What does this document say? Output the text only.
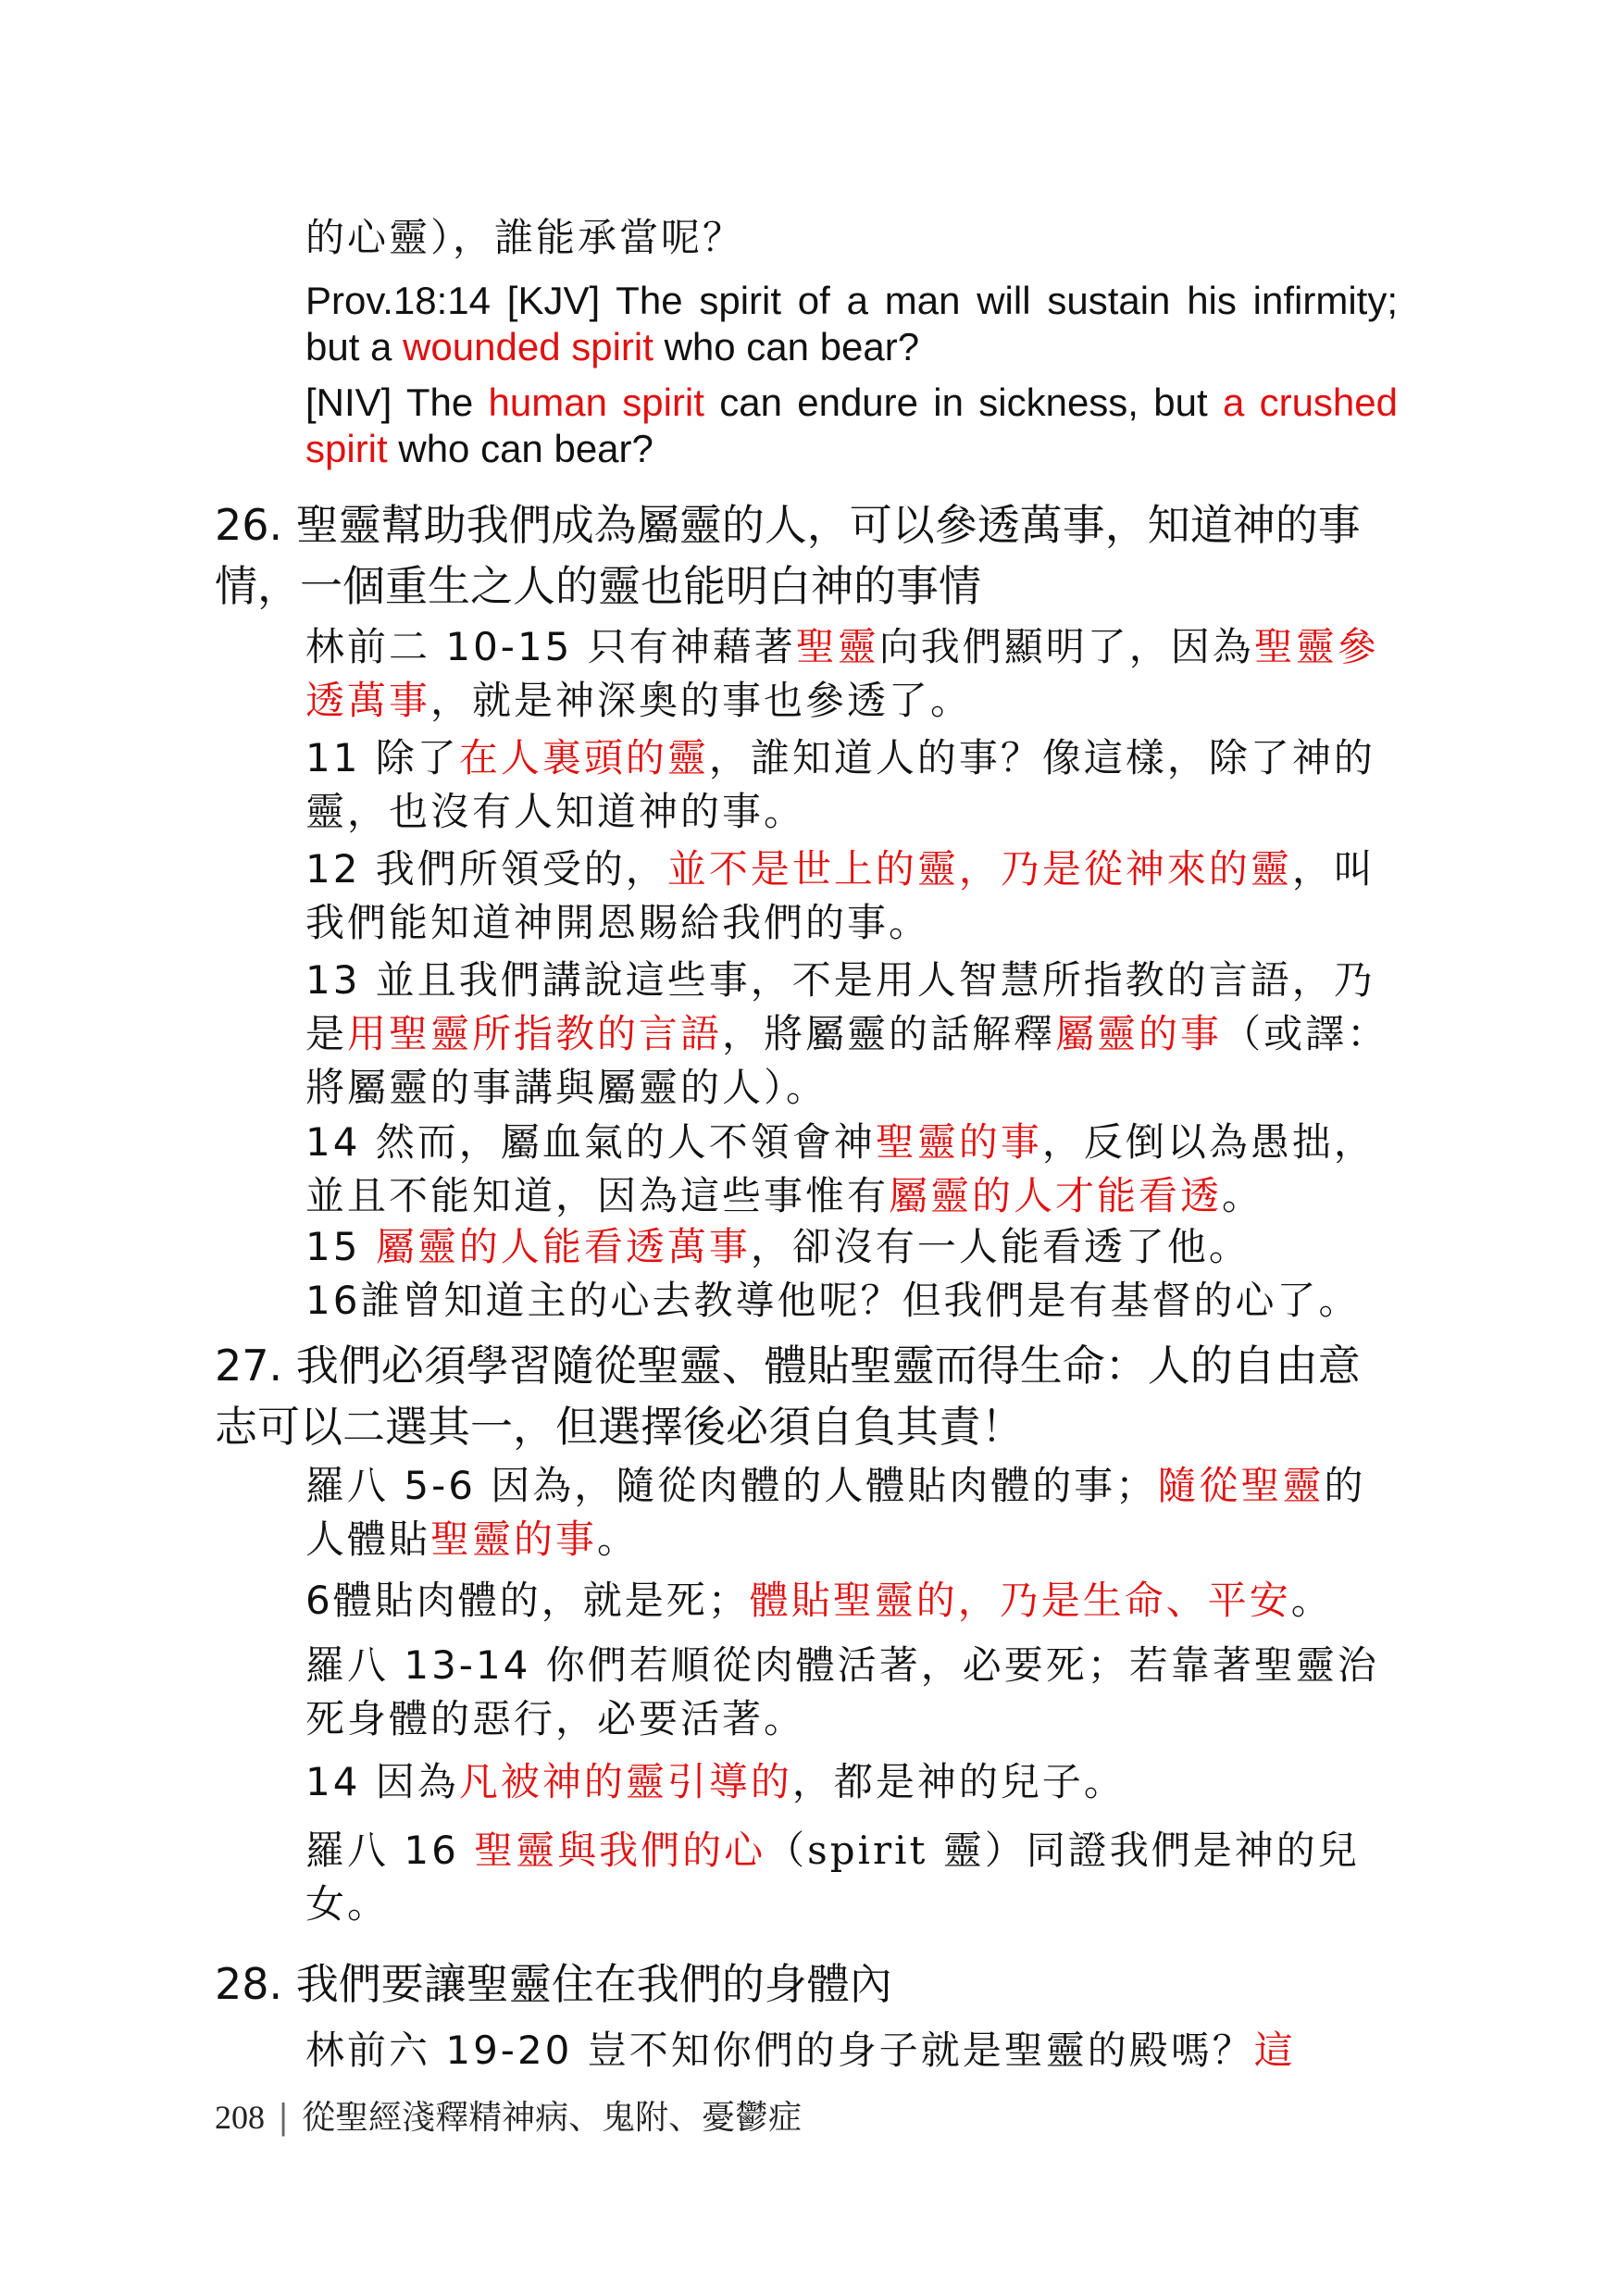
的心靈），誰能承當呢？
Prov.18:14 [KJV] The spirit of a man will sustain his infirmity; but a wounded spirit who can bear?
[NIV] The human spirit can endure in sickness, but a crushed spirit who can bear?
26. 聖靈幫助我們成為屬靈的人，可以參透萬事，知道神的事情，一個重生之人的靈也能明白神的事情
林前二 10-15 只有神藉著聖靈向我們顯明了，因為聖靈參透萬事，就是神深奧的事也參透了。
11 除了在人裏頭的靈，誰知道人的事？像這樣，除了神的靈，也沒有人知道神的事。
12 我們所領受的，並不是世上的靈，乃是從神來的靈，叫我們能知道神開恩賜給我們的事。
13 並且我們講說這些事，不是用人智慧所指教的言語，乃是用聖靈所指教的言語，將屬靈的話解釋屬靈的事（或譯：將屬靈的事講與屬靈的人）。
14 然而，屬血氣的人不領會神聖靈的事，反倒以為愚拙，並且不能知道，因為這些事惟有屬靈的人才能看透。
15 屬靈的人能看透萬事，卻沒有一人能看透了他。
16誰曾知道主的心去教導他呢？但我們是有基督的心了。
27. 我們必須學習隨從聖靈、體貼聖靈而得生命：人的自由意志可以二選其一，但選擇後必須自負其責！
羅八 5-6 因為，隨從肉體的人體貼肉體的事；隨從聖靈的人體貼聖靈的事。
6體貼肉體的，就是死；體貼聖靈的，乃是生命、平安。
羅八 13-14 你們若順從肉體活著，必要死；若靠著聖靈治死身體的惡行，必要活著。
14 因為凡被神的靈引導的，都是神的兒子。
羅八 16 聖靈與我們的心（spirit 靈）同證我們是神的兒女。
28. 我們要讓聖靈住在我們的身體內
林前六 19-20 豈不知你們的身子就是聖靈的殿嗎？這
208 | 從聖經淺釋精神病、鬼附、憂鬱症
